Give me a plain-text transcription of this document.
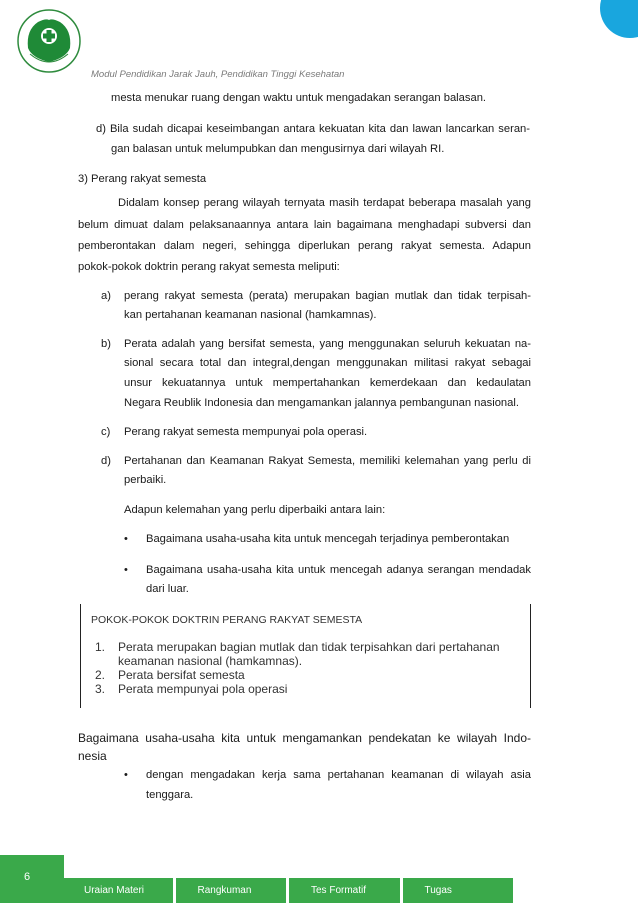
Modul Pendidikan Jarak Jauh, Pendidikan Tinggi Kesehatan
mesta menukar ruang dengan waktu untuk mengadakan serangan balasan.
d) Bila sudah dicapai keseimbangan antara kekuatan kita dan lawan lancarkan seran-
gan balasan untuk melumpubkan dan mengusirnya dari wilayah RI.
3) Perang rakyat semesta
Didalam konsep perang wilayah ternyata masih terdapat beberapa masalah yang
belum dimuat dalam pelaksanaannya antara lain bagaimana menghadapi subversi dan
pemberontakan dalam negeri, sehingga diperlukan perang rakyat semesta. Adapun
pokok-pokok doktrin perang rakyat semesta meliputi:
a) perang rakyat semesta (perata) merupakan bagian mutlak dan tidak terpisah-
kan pertahanan keamanan nasional (hamkamnas).
b) Perata adalah yang bersifat semesta, yang menggunakan seluruh kekuatan na-
sional secara total dan integral,dengan menggunakan militasi rakyat sebagai
unsur kekuatannya untuk mempertahankan kemerdekaan dan kedaulatan
Negara Reublik Indonesia dan mengamankan jalannya pembangunan nasional.
c) Perang rakyat semesta mempunyai pola operasi.
d) Pertahanan dan Keamanan Rakyat Semesta, memiliki kelemahan yang perlu di
perbaiki.
Adapun kelemahan yang perlu diperbaiki antara lain:
• Bagaimana usaha-usaha kita untuk mencegah terjadinya pemberontakan
• Bagaimana usaha-usaha kita untuk mencegah adanya serangan mendadak
dari luar.
POKOK-POKOK DOKTRIN PERANG RAKYAT SEMESTA
1. Perata merupakan bagian mutlak dan tidak terpisahkan dari pertahanan
keamanan nasional (hamkamnas).
2. Perata bersifat semesta
3. Perata mempunyai pola operasi
Bagaimana usaha-usaha kita untuk mengamankan pendekatan ke wilayah Indo-
nesia
• dengan mengadakan kerja sama pertahanan keamanan di wilayah asia
tenggara.
6
Uraian Materi	Rangkuman	Tes Formatif	Tugas
